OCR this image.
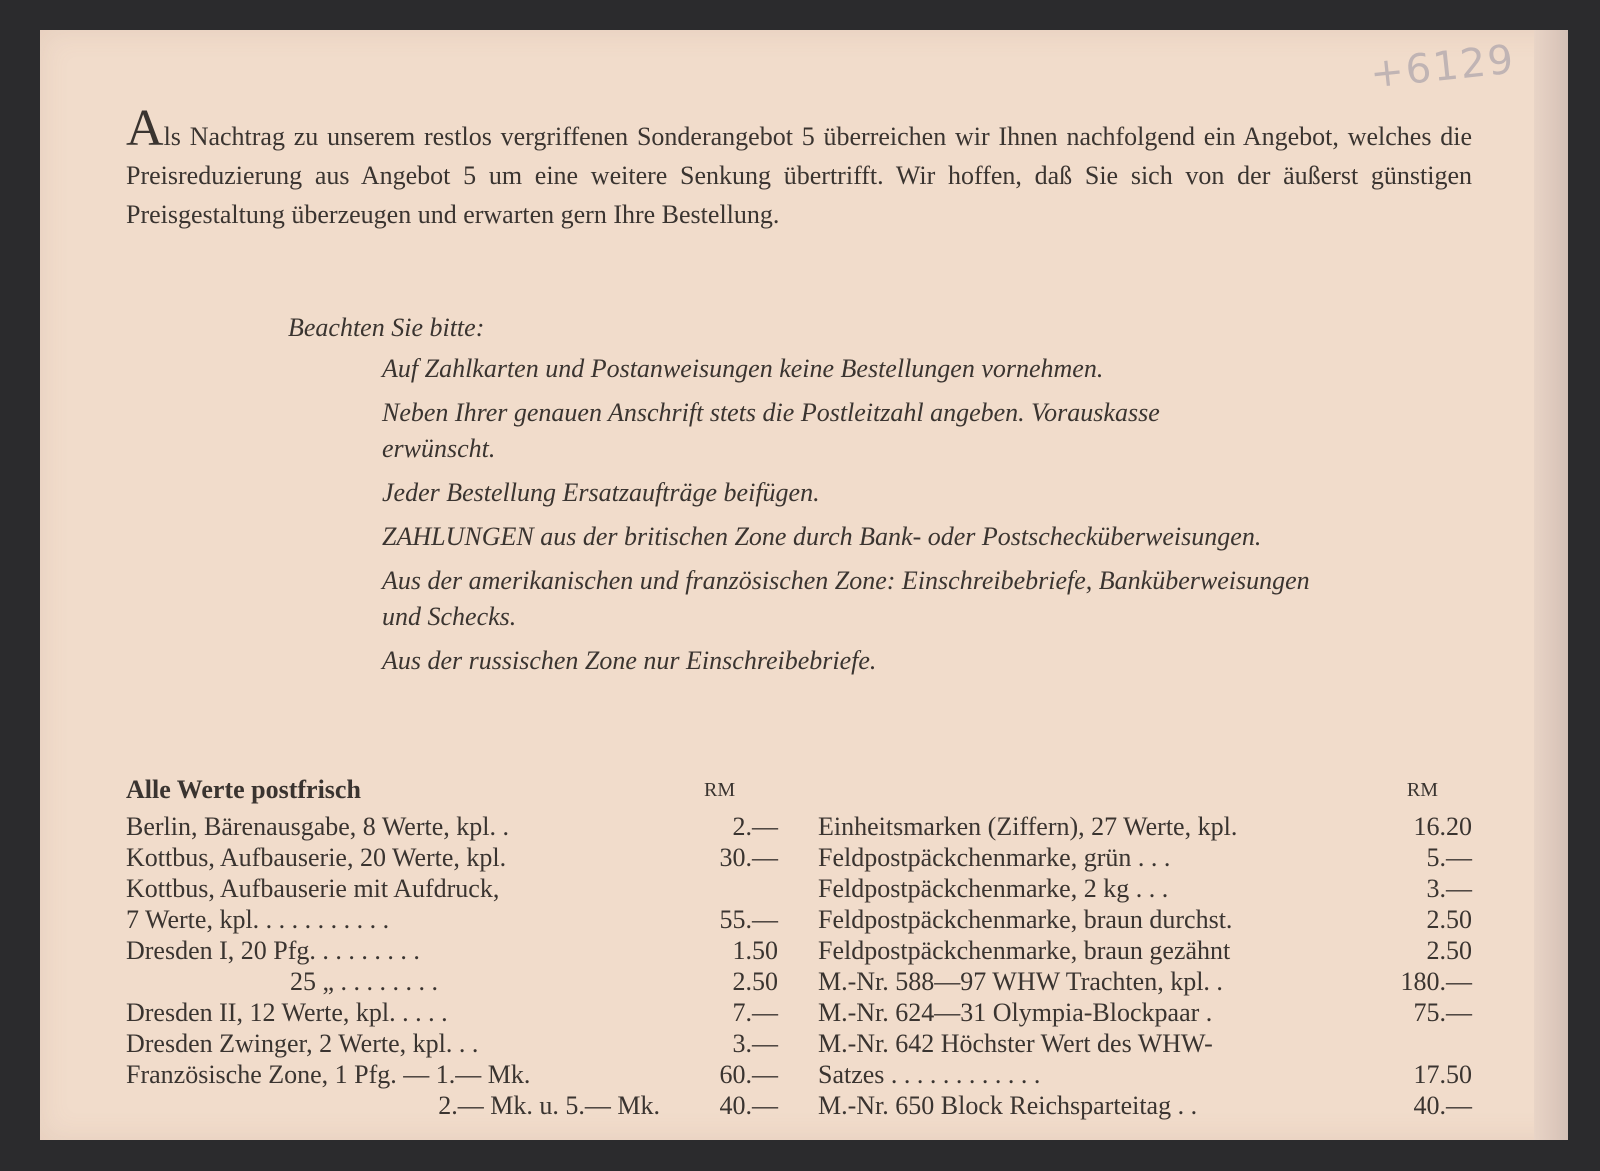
+6129

Als Nachtrag zu unserem restlos vergriffenen Sonderangebot 5 überreichen wir Ihnen nachfolgend ein Angebot, welches die Preisreduzierung aus Angebot 5 um eine weitere Senkung übertrifft. Wir hoffen, daß Sie sich von der äußerst günstigen Preisgestaltung überzeugen und erwarten gern Ihre Bestellung.

Beachten Sie bitte:

Auf Zahlkarten und Postanweisungen keine Bestellungen vornehmen.

Neben Ihrer genauen Anschrift stets die Postleitzahl angeben. Vorauskasse erwünscht.

Jeder Bestellung Ersatzaufträge beifügen.

ZAHLUNGEN aus der britischen Zone durch Bank- oder Postschecküberweisungen.

Aus der amerikanischen und französischen Zone: Einschreibebriefe, Banküberweisungen und Schecks.

Aus der russischen Zone nur Einschreibebriefe.

Alle Werte postfrisch	RM	RM
Berlin, Bärenausgabe, 8 Werte, kpl. .	2.—
Kottbus, Aufbauserie, 20 Werte, kpl.	30.—
Kottbus, Aufbauserie mit Aufdruck,
7 Werte, kpl. . . . . . . . . . .	55.—
Dresden I, 20 Pfg. . . . . . . . .	1.50
25 „ . . . . . . . .	2.50
Dresden II, 12 Werte, kpl. . . . .	7.—
Dresden Zwinger, 2 Werte, kpl. . .	3.—
Französische Zone, 1 Pfg. — 1.— Mk.	60.—
2.— Mk. u. 5.— Mk.	40.—
Einheitsmarken (Ziffern), 27 Werte, kpl.	16.20
Feldpostpäckchenmarke, grün . . .	5.—
Feldpostpäckchenmarke, 2 kg . . .	3.—
Feldpostpäckchenmarke, braun durchst.	2.50
Feldpostpäckchenmarke, braun gezähnt	2.50
M.-Nr. 588—97 WHW Trachten, kpl. .	180.—
M.-Nr. 624—31 Olympia-Blockpaar .	75.—
M.-Nr. 642 Höchster Wert des WHW-
Satzes . . . . . . . . . . . .	17.50
M.-Nr. 650 Block Reichsparteitag . .	40.—
